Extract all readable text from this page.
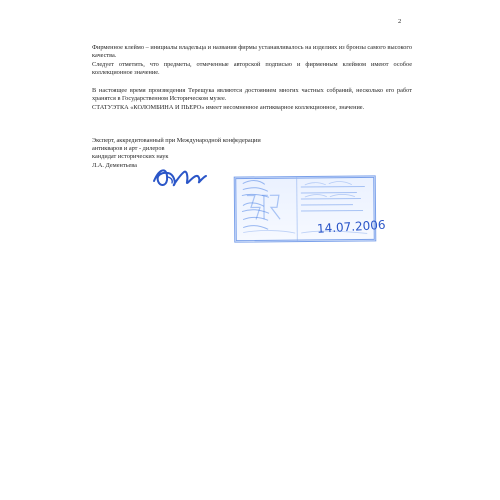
2
Фирменное клеймо – инициалы владельца и названия фирмы устанавливалось на изделиях из бронзы самого высокого качества.
Следует отметить, что предметы, отмеченные авторской подписью и фирменным клеймом имеют особое коллекционное значение.
В настоящее время произведения Терещука являются достоянием многих частных собраний, несколько его работ хранятся в Государственном Историческом музее.
СТАТУЭТКА «КОЛОМБИНА И ПЬЕРО» имеет несомненное антикварное коллекционное, значение.
Эксперт, аккредитованный при Международной конфедерации
антикваров и арт - дилеров
кандидат исторических наук
Л.А. Дементьева
14.07.2006
